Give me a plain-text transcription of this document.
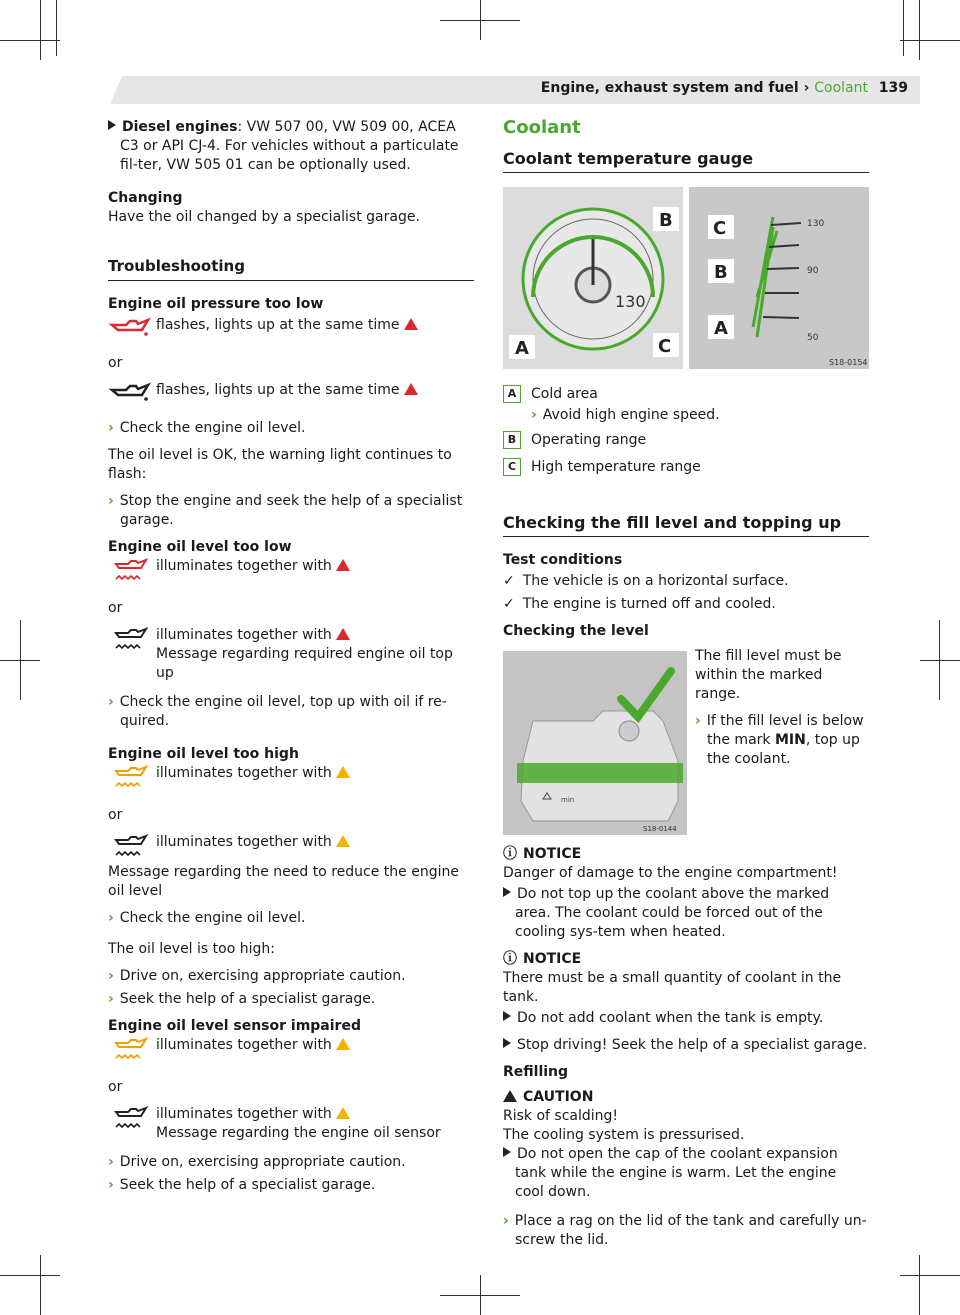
Engine, exhaust system and fuel › Coolant 139

Diesel engines: VW 507 00, VW 509 00, ACEA C3 or API CJ-4. For vehicles without a particulate fil-ter, VW 505 01 can be optionally used.

Changing

Have the oil changed by a specialist garage.

Troubleshooting
Engine oil pressure too low
flashes, lights up at the same time

or

flashes, lights up at the same time

› Check the engine oil level.

The oil level is OK, the warning light continues to flash:

› Stop the engine and seek the help of a specialist garage.

Engine oil level too low
illuminates together with

or

illuminates together with
Message regarding required engine oil top up

› Check the engine oil level, top up with oil if re-quired.

Engine oil level too high
illuminates together with

or

illuminates together with

Message regarding the need to reduce the engine oil level

› Check the engine oil level.

The oil level is too high:

› Drive on, exercising appropriate caution.

› Seek the help of a specialist garage.

Engine oil level sensor impaired
illuminates together with

or

illuminates together with
Message regarding the engine oil sensor

› Drive on, exercising appropriate caution.

› Seek the help of a specialist garage.

Coolant
Coolant temperature gauge
130
130
90
50
A
B
C
C
B
A
S18-0154
A	Cold area
› Avoid high engine speed.
B	Operating range
C	High temperature range
Checking the fill level and topping up
Test conditions

✓ The vehicle is on a horizontal surface.

✓ The engine is turned off and cooled.

Checking the level
min
S18-0144

The fill level must be within the marked range.

› If the fill level is below the mark MIN, top up the coolant.

ⓘ NOTICE
Danger of damage to the engine compartment!

Do not top up the coolant above the marked area. The coolant could be forced out of the cooling sys-tem when heated.

ⓘ NOTICE
There must be a small quantity of coolant in the tank.

Do not add coolant when the tank is empty.

Stop driving! Seek the help of a specialist garage.

Refilling
CAUTION
Risk of scalding!
The cooling system is pressurised.

Do not open the cap of the coolant expansion tank while the engine is warm. Let the engine cool down.

› Place a rag on the lid of the tank and carefully un-screw the lid.
